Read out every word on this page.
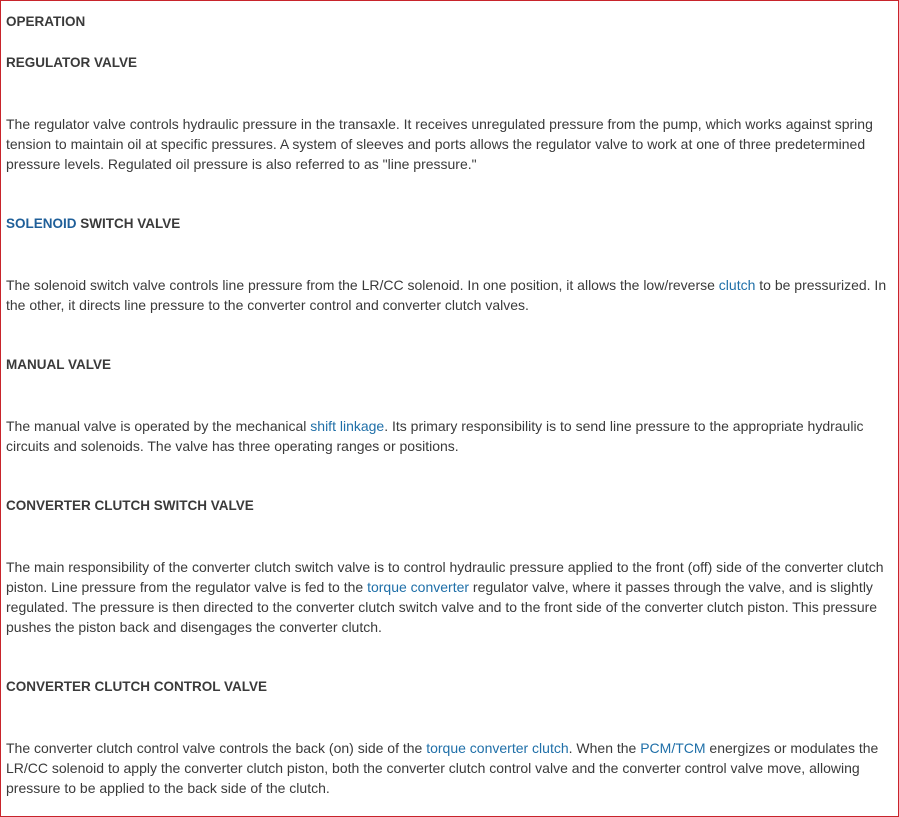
OPERATION
REGULATOR VALVE

The regulator valve controls hydraulic pressure in the transaxle. It receives unregulated pressure from the pump, which works against spring tension to maintain oil at specific pressures. A system of sleeves and ports allows the regulator valve to work at one of three predetermined pressure levels. Regulated oil pressure is also referred to as "line pressure."

SOLENOID SWITCH VALVE

The solenoid switch valve controls line pressure from the LR/CC solenoid. In one position, it allows the low/reverse clutch to be pressurized. In the other, it directs line pressure to the converter control and converter clutch valves.

MANUAL VALVE

The manual valve is operated by the mechanical shift linkage. Its primary responsibility is to send line pressure to the appropriate hydraulic circuits and solenoids. The valve has three operating ranges or positions.

CONVERTER CLUTCH SWITCH VALVE

The main responsibility of the converter clutch switch valve is to control hydraulic pressure applied to the front (off) side of the converter clutch piston. Line pressure from the regulator valve is fed to the torque converter regulator valve, where it passes through the valve, and is slightly regulated. The pressure is then directed to the converter clutch switch valve and to the front side of the converter clutch piston. This pressure pushes the piston back and disengages the converter clutch.

CONVERTER CLUTCH CONTROL VALVE

The converter clutch control valve controls the back (on) side of the torque converter clutch. When the PCM/TCM energizes or modulates the LR/CC solenoid to apply the converter clutch piston, both the converter clutch control valve and the converter control valve move, allowing pressure to be applied to the back side of the clutch.
